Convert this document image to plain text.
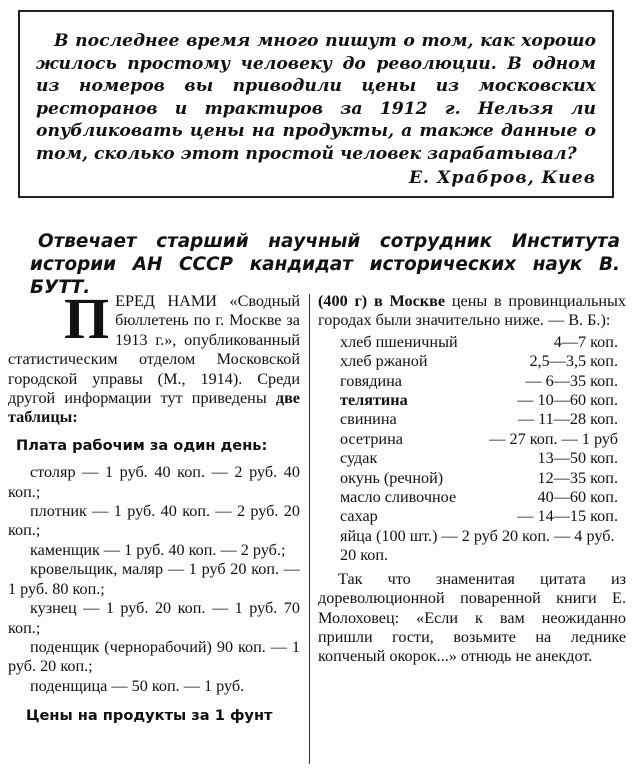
В последнее время много пишут о том, как хорошо жилось простому человеку до революции. В одном из номеров вы приводили цены из московских ресторанов и трактиров за 1912 г. Нельзя ли опубликовать цены на продукты, а также данные о том, сколько этот простой человек зарабатывал?

Е. Храбров, Киев

Отвечает старший научный сотрудник Института истории АН СССР кандидат исторических наук В. БУТТ.

ПЕРЕД НАМИ «Сводный бюллетень по г. Москве за 1913 г.», опубликованный статистическим отделом Московской городской управы (М., 1914). Среди другой информации тут приведены две таблицы:

Плата рабочим за один день:

столяр — 1 руб. 40 коп. — 2 руб. 40 коп.;

плотник — 1 руб. 40 коп. — 2 руб. 20 коп.;

каменщик — 1 руб. 40 коп. — 2 руб.;

кровельщик, маляр — 1 руб 20 коп. — 1 руб. 80 коп.;

кузнец — 1 руб. 20 коп. — 1 руб. 70 коп.;

поденщик (чернорабочий) 90 коп. — 1 руб. 20 коп.;

поденщица — 50 коп. — 1 руб.

Цены на продукты за 1 фунт

(400 г) в Москве цены в провинциальных городах были значительно ниже. — В. Б.):

хлеб пшеничный	4—7 коп.
хлеб ржаной	2,5—3,5 коп.
говядина	— 6—35 коп.
телятина	— 10—60 коп.
свинина	— 11—28 коп.
осетрина	— 27 коп. — 1 руб
судак	13—50 коп.
окунь (речной)	12—35 коп.
масло сливочное	40—60 коп.
сахар	— 14—15 коп.
яйца (100 шт.) — 2 руб 20 коп. — 4 руб. 20 коп.

Так что знаменитая цитата из дореволюционной поваренной книги Е. Молоховец: «Если к вам неожиданно пришли гости, возьмите на леднике копченый окорок...» отнюдь не анекдот.
